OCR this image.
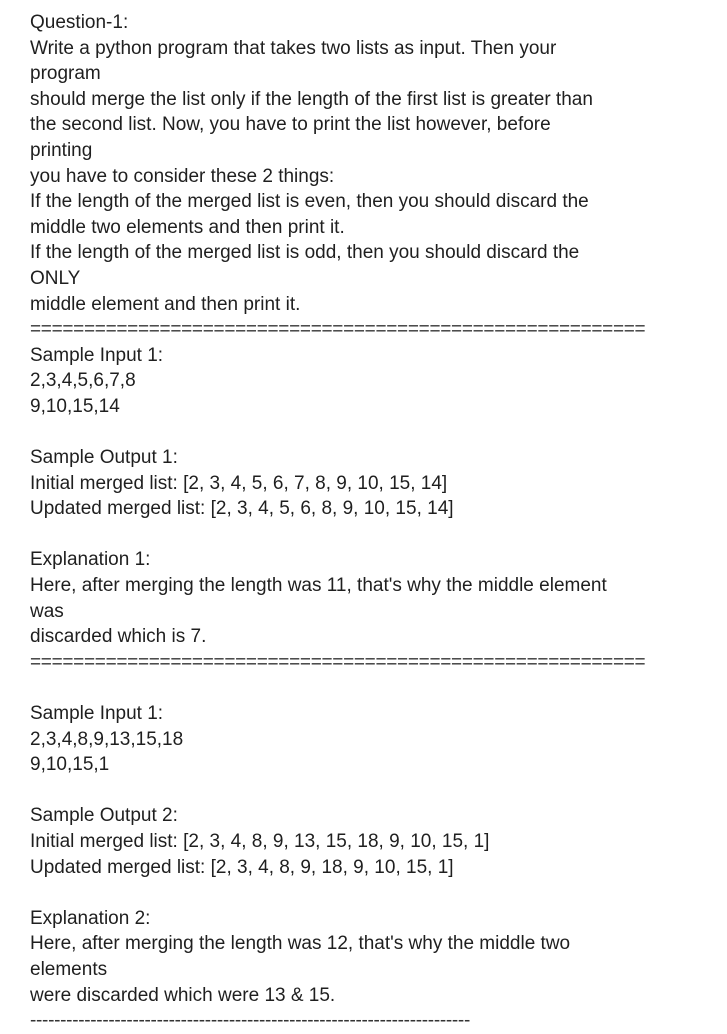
Question-1:
Write a python program that takes two lists as input. Then your
program
should merge the list only if the length of the first list is greater than
the second list. Now, you have to print the list however, before
printing
you have to consider these 2 things:
If the length of the merged list is even, then you should discard the
middle two elements and then print it.
If the length of the merged list is odd, then you should discard the
ONLY
middle element and then print it.
=========================================================
Sample Input 1:
2,3,4,5,6,7,8
9,10,15,14
Sample Output 1:
Initial merged list: [2, 3, 4, 5, 6, 7, 8, 9, 10, 15, 14]
Updated merged list: [2, 3, 4, 5, 6, 8, 9, 10, 15, 14]
Explanation 1:
Here, after merging the length was 11, that's why the middle element
was
discarded which is 7.
=========================================================
Sample Input 1:
2,3,4,8,9,13,15,18
9,10,15,1
Sample Output 2:
Initial merged list: [2, 3, 4, 8, 9, 13, 15, 18, 9, 10, 15, 1]
Updated merged list: [2, 3, 4, 8, 9, 18, 9, 10, 15, 1]
Explanation 2:
Here, after merging the length was 12, that's why the middle two
elements
were discarded which were 13 & 15.
-------------------------------------------------------------------------
